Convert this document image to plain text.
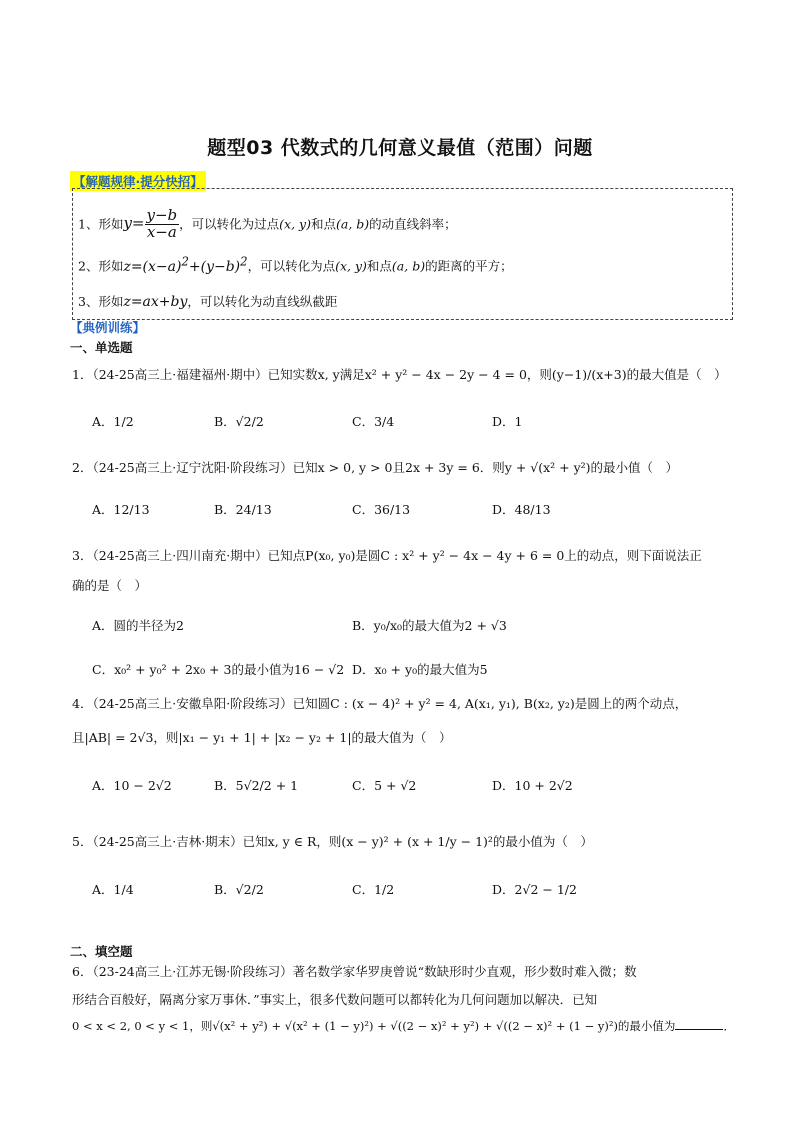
题型03 代数式的几何意义最值（范围）问题
【解题规律·提分快招】
1、形如$y= \frac{y-b}{x-a}$ ，可以转化为过点(x, y)和点(a, b)的动直线斜率；
2、形如$z=(x-a)^2+(y-b)^2$，可以转化为点(x, y)和点(a, b)的距离的平方；
3、形如z=ax+by，可以转化为动直线纵截距
【典例训练】
一、单选题
1．（24-25高三上·福建福州·期中）已知实数x, y满足x² + y² − 4x − 2y − 4 = 0，则(y−1)/(x+3)的最大值是（　）
A．1/2	B．√2/2	C．3/4	D．1
2．（24-25高三上·辽宁沈阳·阶段练习）已知x > 0, y > 0且2x + 3y = 6．则y + √(x² + y²)的最小值（　）
A．12/13	B．24/13	C．36/13	D．48/13
3．（24-25高三上·四川南充·期中）已知点P(x₀, y₀)是圆C : x² + y² − 4x − 4y + 6 = 0上的动点，则下面说法正
确的是（　）
A．圆的半径为2	B．y₀/x₀的最大值为2 + √3
C．x₀² + y₀² + 2x₀ + 3的最小值为16 − √2 D．x₀ + y₀的最大值为5
4．（24-25高三上·安徽阜阳·阶段练习）已知圆C : (x − 4)² + y² = 4, A(x₁, y₁), B(x₂, y₂)是圆上的两个动点，
且|AB| = 2√3，则|x₁ − y₁ + 1| + |x₂ − y₂ + 1|的最大值为（　）
A．10 − 2√2	B．5√2/2 + 1	C．5 + √2	D．10 + 2√2
5．（24-25高三上·吉林·期末）已知x, y ∈ R，则(x − y)² + (x + 1/y − 1)²的最小值为（　）
A．1/4	B．√2/2	C．1/2	D．2√2 − 1/2
二、填空题
6．（23-24高三上·江苏无锡·阶段练习）著名数学家华罗庚曾说“数缺形时少直观，形少数时难入微；数
形结合百般好，隔离分家万事休．”事实上，很多代数问题可以都转化为几何问题加以解决．已知
0 < x < 2, 0 < y < 1，则√(x² + y²) + √(x² + (1 − y)²) + √((2 − x)² + y²) + √((2 − x)² + (1 − y)²)的最小值为	．
